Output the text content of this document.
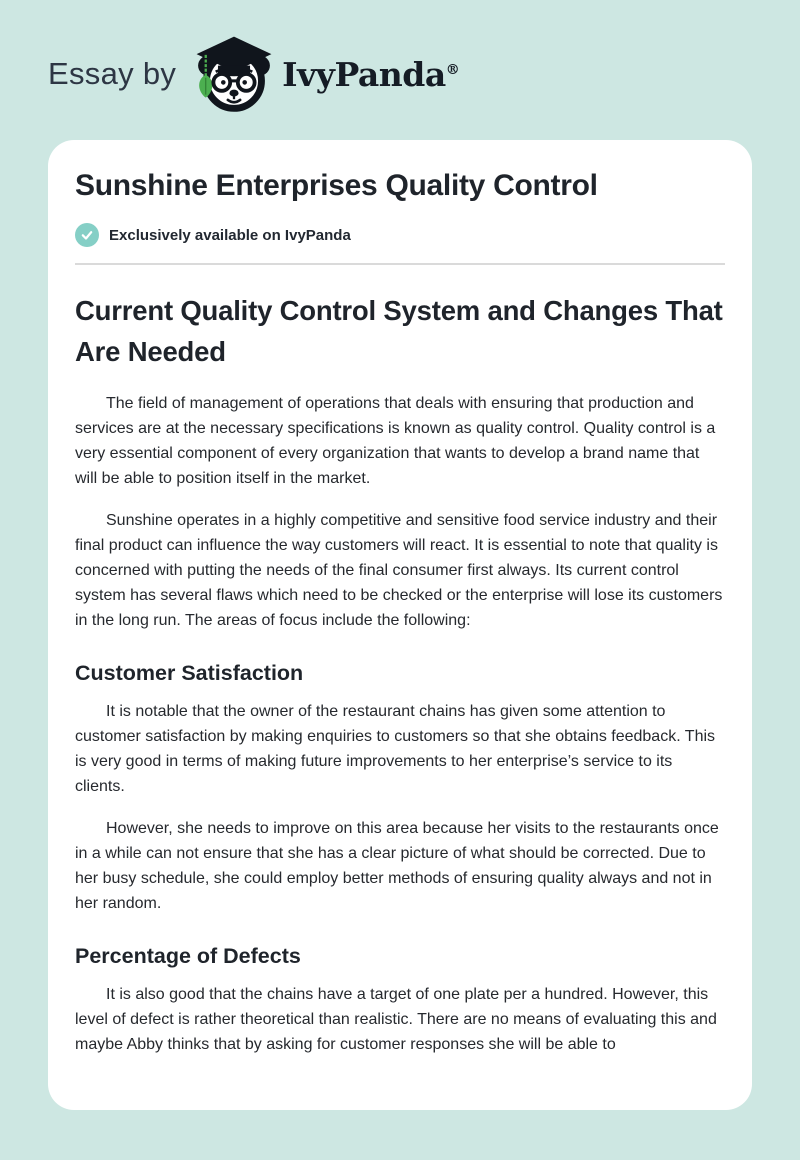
Essay by	IvyPanda®
Sunshine Enterprises Quality Control
Exclusively available on IvyPanda
Current Quality Control System and Changes That Are Needed

The field of management of operations that deals with ensuring that production and services are at the necessary specifications is known as quality control. Quality control is a very essential component of every organization that wants to develop a brand name that will be able to position itself in the market.

Sunshine operates in a highly competitive and sensitive food service industry and their final product can influence the way customers will react. It is essential to note that quality is concerned with putting the needs of the final consumer first always. Its current control system has several flaws which need to be checked or the enterprise will lose its customers in the long run. The areas of focus include the following:

Customer Satisfaction

It is notable that the owner of the restaurant chains has given some attention to customer satisfaction by making enquiries to customers so that she obtains feedback. This is very good in terms of making future improvements to her enterprise’s service to its clients.

However, she needs to improve on this area because her visits to the restaurants once in a while can not ensure that she has a clear picture of what should be corrected. Due to her busy schedule, she could employ better methods of ensuring quality always and not in her random.

Percentage of Defects

It is also good that the chains have a target of one plate per a hundred. However, this level of defect is rather theoretical than realistic. There are no means of evaluating this and maybe Abby thinks that by asking for customer responses she will be able to
